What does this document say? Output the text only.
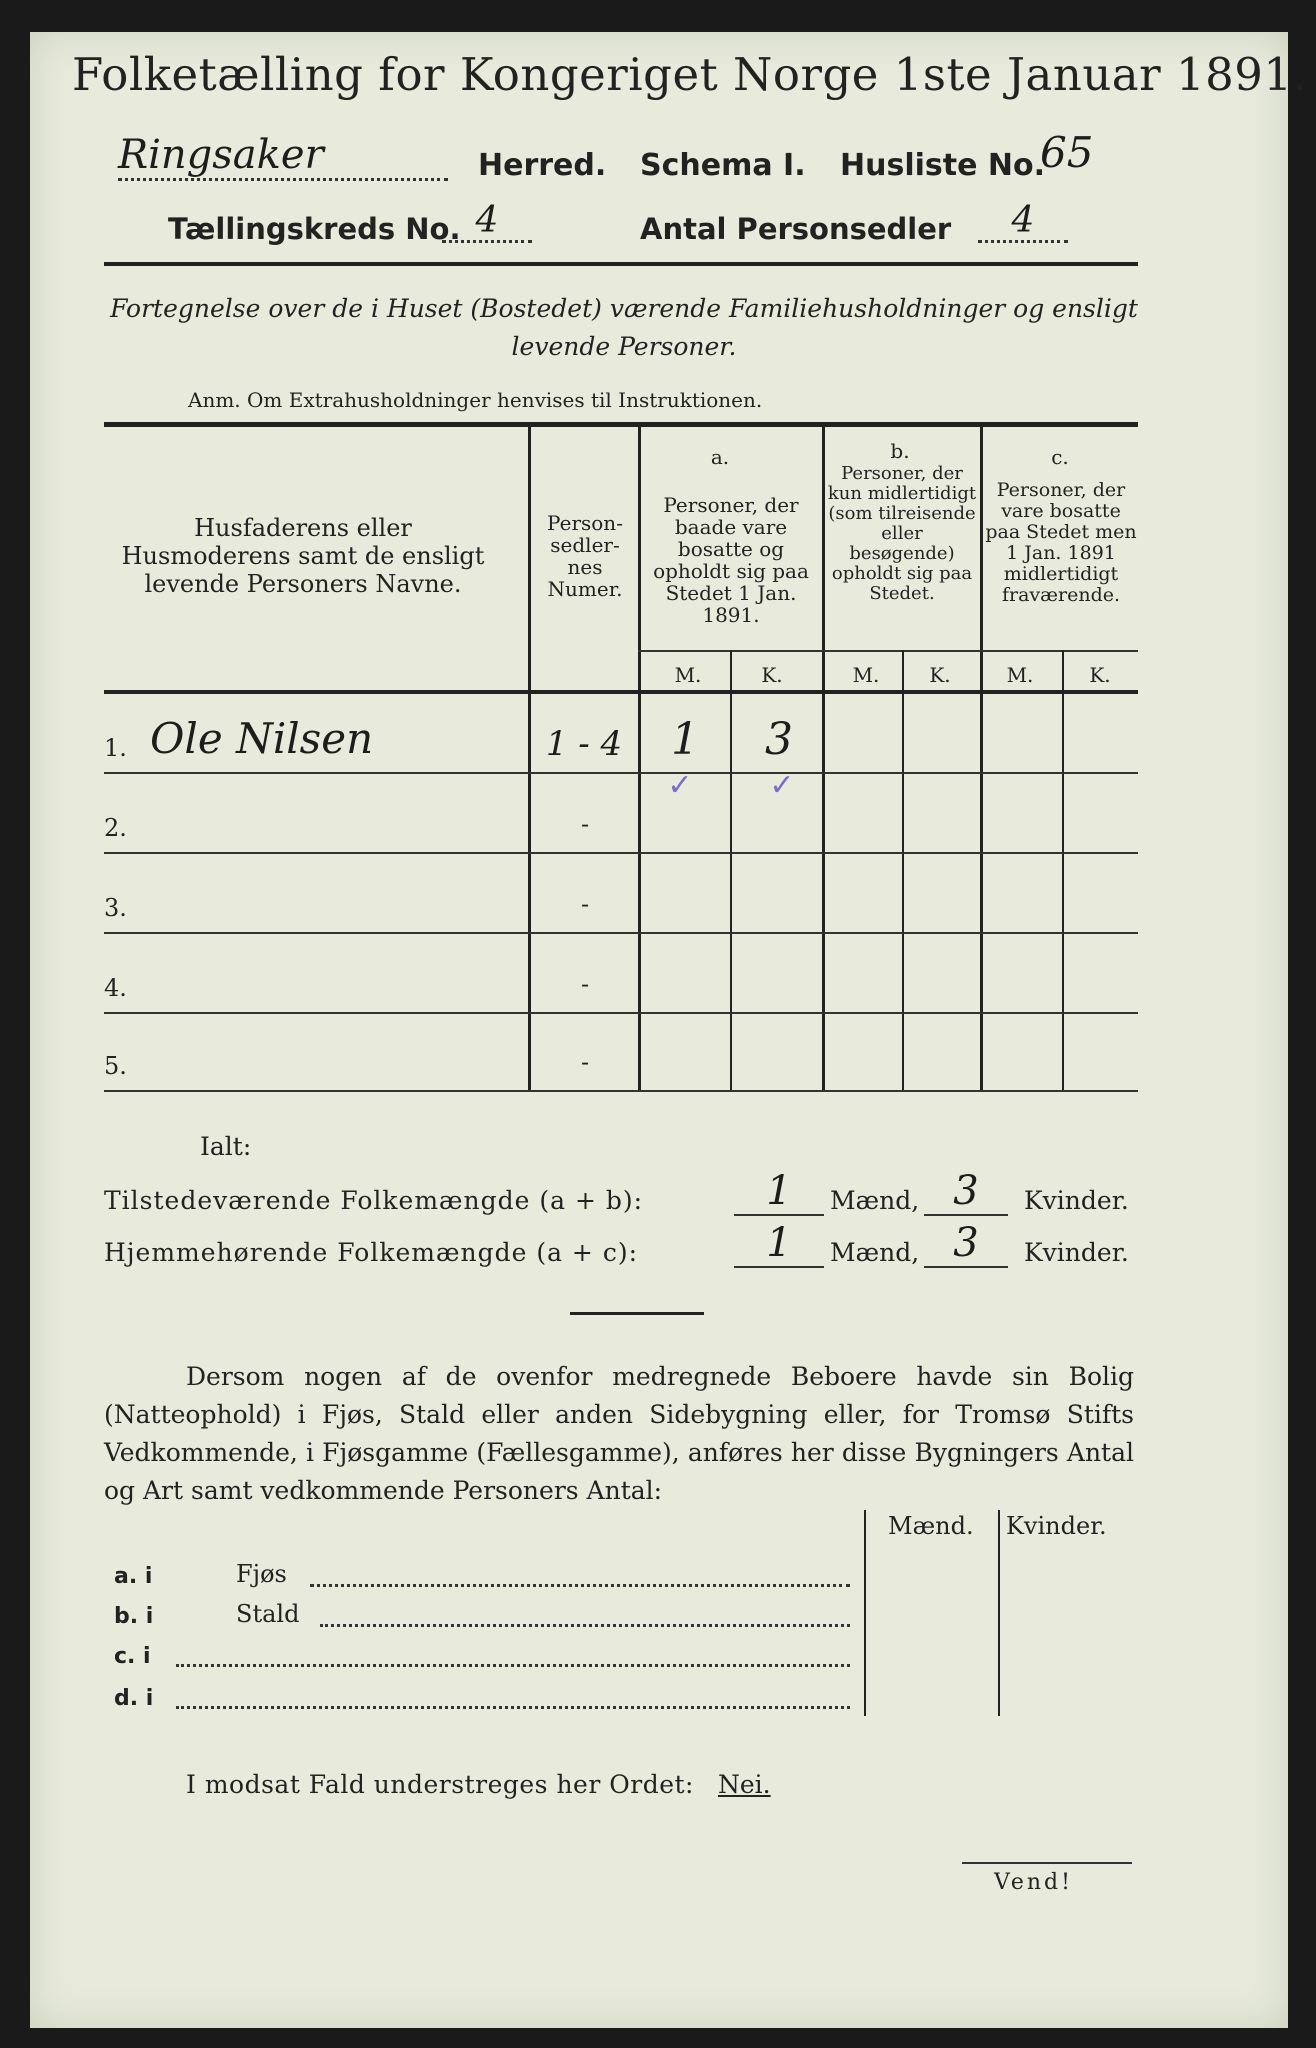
Folketælling for Kongeriget Norge 1ste Januar 1891.
Ringsaker	Herred. Schema I. Husliste No.
65
Tællingskreds No. 4	Antal Personsedler	4
Fortegnelse over de i Huset (Bostedet) værende Familiehusholdninger og ensligt
levende Personer.
Anm. Om Extrahusholdninger henvises til Instruktionen.
Husfaderens eller Husmoderens samt de ensligt levende Personers Navne.
Person-sedler-nes Numer.
a.
Personer, der baade vare bosatte og opholdt sig paa Stedet 1 Jan. 1891.
b.
Personer, der kun midlertidigt (som tilreisende eller besøgende) opholdt sig paa Stedet.
c.
Personer, der vare bosatte paa Stedet men 1 Jan. 1891 midlertidigt fraværende.
M.	K.	M.	K.	M.	K.
1. Ole Nilsen	1 - 4	1	3
✓	✓
2.	-
3.	-
4.	-
5.	-
Ialt:
Tilstedeværende Folkemængde (a + b):	1	Mænd, 3	Kvinder.
Hjemmehørende Folkemængde (a + c):	1	Mænd, 3	Kvinder.
Dersom nogen af de ovenfor medregnede Beboere havde sin Bolig (Natteophold) i Fjøs, Stald eller anden Sidebygning eller, for Tromsø Stifts Vedkommende, i Fjøsgamme (Fællesgamme), anføres her disse Bygningers Antal og Art samt vedkommende Personers Antal:
Mænd. Kvinder.
a. i	Fjøs
b. i	Stald
c. i
d. i
I modsat Fald understreges her Ordet: Nei.
Vend!
